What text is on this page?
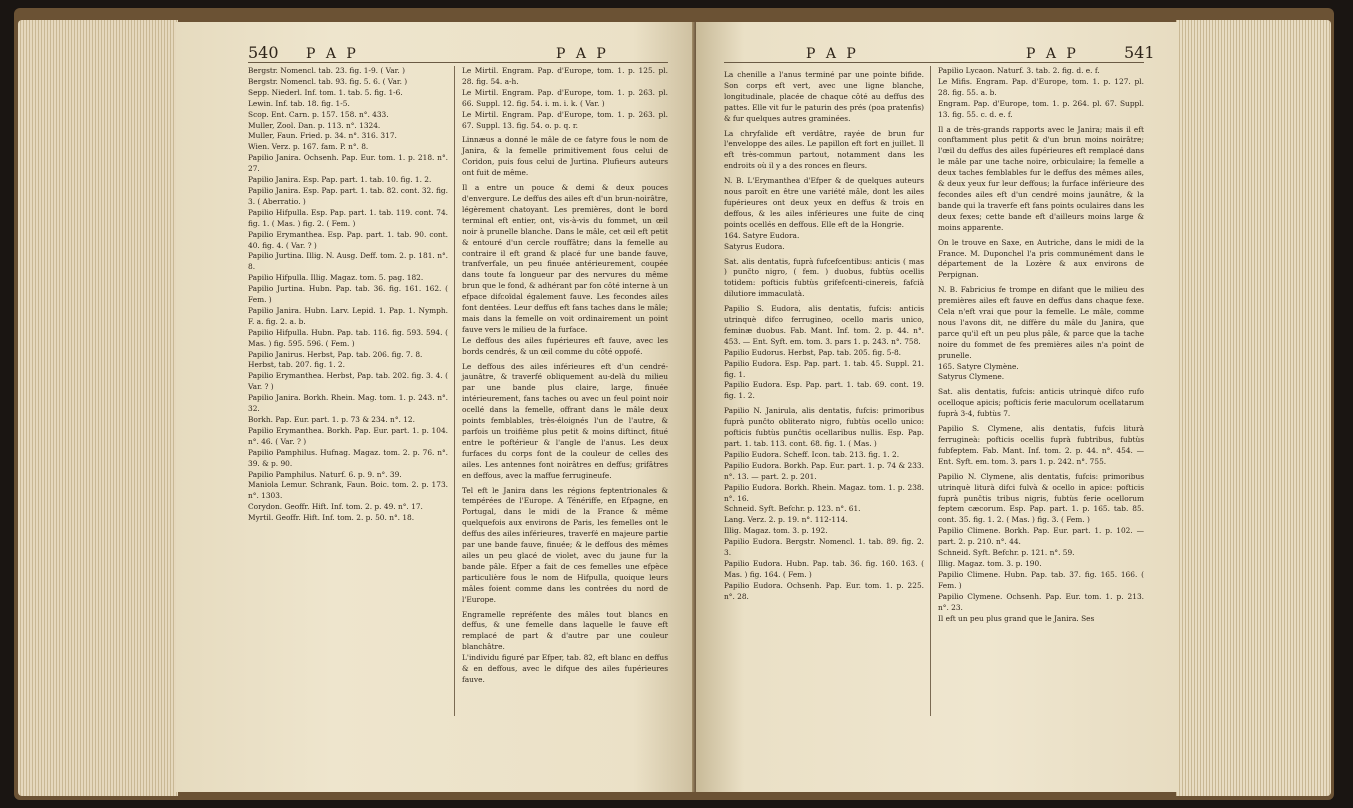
540 P A P	P A P

Bergstr. Nomencl. tab. 23. fig. 1-9. ( Var. )

Bergstr. Nomencl. tab. 93. fig. 5. 6. ( Var. )

Sepp. Niederl. Inf. tom. 1. tab. 5. fig. 1-6.

Lewin. Inf. tab. 18. fig. 1-5.

Scop. Ent. Carn. p. 157. 158. n°. 433.

Muller, Zool. Dan. p. 113. n°. 1324.

Muller, Faun. Fried. p. 34. n°. 316. 317.

Wien. Verz. p. 167. fam. P. n°. 8.

Papilio Janira. Ochsenh. Pap. Eur. tom. 1. p. 218. n°. 27.

Papilio Janira. Esp. Pap. part. 1. tab. 10. fig. 1. 2.

Papilio Janira. Esp. Pap. part. 1. tab. 82. cont. 32. fig. 3. ( Aberratio. )

Papilio Hifpulla. Esp. Pap. part. 1. tab. 119. cont. 74. fig. 1. ( Mas. ) fig. 2. ( Fem. )

Papilio Erymanthea. Esp. Pap. part. 1. tab. 90. cont. 40. fig. 4. ( Var. ? )

Papilio Jurtina. Illig. N. Ausg. Deff. tom. 2. p. 181. n°. 8.

Papilio Hifpulla. Illig. Magaz. tom. 5. pag. 182.

Papilio Jurtina. Hubn. Pap. tab. 36. fig. 161. 162. ( Fem. )

Papilio Janira. Hubn. Larv. Lepid. 1. Pap. 1. Nymph. F. a. fig. 2. a. b.

Papilio Hifpulla. Hubn. Pap. tab. 116. fig. 593. 594. ( Mas. ) fig. 595. 596. ( Fem. )

Papilio Janirus. Herbst, Pap. tab. 206. fig. 7. 8.

Herbst, tab. 207. fig. 1. 2.

Papilio Erymanthea. Herbst, Pap. tab. 202. fig. 3. 4. ( Var. ? )

Papilio Janira. Borkh. Rhein. Mag. tom. 1. p. 243. n°. 32.

Borkh. Pap. Eur. part. 1. p. 73 & 234. n°. 12.

Papilio Erymanthea. Borkh. Pap. Eur. part. 1. p. 104. n°. 46. ( Var. ? )

Papilio Pamphilus. Hufnag. Magaz. tom. 2. p. 76. n°. 39. & p. 90.

Papilio Pamphilus. Naturf. 6. p. 9. n°. 39.

Maniola Lemur. Schrank, Faun. Boic. tom. 2. p. 173. n°. 1303.

Corydon. Geoffr. Hift. Inf. tom. 2. p. 49. n°. 17.

Myrtil. Geoffr. Hift. Inf. tom. 2. p. 50. n°. 18.

Le Mirtil. Engram. Pap. d'Europe, tom. 1. p. 125. pl. 28. fig. 54. a-h.

Le Mirtil. Engram. Pap. d'Europe, tom. 1. p. 263. pl. 66. Suppl. 12. fig. 54. i. m. i. k. ( Var. )

Le Mirtil. Engram. Pap. d'Europe, tom. 1. p. 263. pl. 67. Suppl. 13. fig. 54. o. p. q. r.

Linnæus a donné le mâle de ce fatyre fous le nom de Janira, & la femelle primitivement fous celui de Coridon, puis fous celui de Jurtina. Plufieurs auteurs ont fuit de même.

Il a entre un pouce & demi & deux pouces d'envergure. Le deffus des ailes eft d'un brun-noirâtre, légèrement chatoyant. Les premières, dont le bord terminal eft entier, ont, vis-à-vis du fommet, un œil noir à prunelle blanche. Dans le mâle, cet œil eft petit & entouré d'un cercle rouffâtre; dans la femelle au contraire il eft grand & placé fur une bande fauve, tranfverfale, un peu finuée antérieurement, coupée dans toute fa longueur par des nervures du même brun que le fond, & adhérant par fon côté interne à un efpace difcoïdal également fauve. Les fecondes ailes font dentées. Leur deffus eft fans taches dans le mâle; mais dans la femelle on voit ordinairement un point fauve vers le milieu de la furface.

Le deffous des ailes fupérieures eft fauve, avec les bords cendrés, & un œil comme du côté oppofé.

Le deffous des ailes inférieures eft d'un cendré-jaunâtre, & traverfé obliquement au-delà du milieu par une bande plus claire, large, finuée intérieurement, fans taches ou avec un feul point noir ocellé dans la femelle, offrant dans le mâle deux points femblables, très-éloignés l'un de l'autre, & parfois un troifième plus petit & moins diftinct, fitué entre le poftérieur & l'angle de l'anus. Les deux furfaces du corps font de la couleur de celles des ailes. Les antennes font noirâtres en deffus; grifâtres en deffous, avec la maffue ferrugineufe.

Tel eft le Janira dans les régions feptentrionales & tempérées de l'Europe. A Ténériffe, en Efpagne, en Portugal, dans le midi de la France & même quelquefois aux environs de Paris, les femelles ont le deffus des ailes inférieures, traverfé en majeure partie par une bande fauve, finuée; & le deffous des mêmes ailes un peu glacé de violet, avec du jaune fur la bande pâle. Efper a fait de ces femelles une efpèce particulière fous le nom de Hifpulla, quoique leurs mâles foient comme dans les contrées du nord de l'Europe.

Engramelle repréfente des mâles tout blancs en deffus, & une femelle dans laquelle le fauve eft remplacé de part & d'autre par une couleur blanchâtre.

L'individu figuré par Efper, tab. 82, eft blanc en deffus & en deffous, avec le difque des ailes fupérieures fauve.

P A P	P A P	541

La chenille a l'anus terminé par une pointe bifide. Son corps eft vert, avec une ligne blanche, longitudinale, placée de chaque côté au deffus des pattes. Elle vit fur le paturin des prés (poa pratenfis) & fur quelques autres graminées.

La chryfalide eft verdâtre, rayée de brun fur l'enveloppe des ailes. Le papillon eft fort en juillet. Il eft très-commun partout, notamment dans les endroits où il y a des ronces en fleurs.

N. B. L'Erymanthea d'Efper & de quelques auteurs nous paroît en être une variété mâle, dont les ailes fupérieures ont deux yeux en deffus & trois en deffous, & les ailes inférieures une fuite de cinq points ocellés en deffous. Elle eft de la Hongrie.

164. Satyre Eudora.

Satyrus Eudora.

Sat. alis dentatis, fuprà fufcefcentibus: anticis ( mas ) punčto nigro, ( fem. ) duobus, fubtùs ocellis totidem: pofticis fubtùs grifefcenti-cinereis, fafcià dilutiore immaculatà.

Papilio S. Eudora, alis dentatis, fufcis: anticis utrinquè difco ferrugineo, ocello maris unico, feminæ duobus. Fab. Mant. Inf. tom. 2. p. 44. n°. 453. — Ent. Syft. em. tom. 3. pars 1. p. 243. n°. 758.

Papilio Eudorus. Herbst, Pap. tab. 205. fig. 5-8.

Papilio Eudora. Esp. Pap. part. 1. tab. 45. Suppl. 21. fig. 1.

Papilio Eudora. Esp. Pap. part. 1. tab. 69. cont. 19. fig. 1. 2.

Papilio N. Janirula, alis dentatis, fufcis: primoribus fuprà punčto obliterato nigro, fubtùs ocello unico: pofticis fubtùs punčtis ocellaribus nullis. Esp. Pap. part. 1. tab. 113. cont. 68. fig. 1. ( Mas. )

Papilio Eudora. Scheff. Icon. tab. 213. fig. 1. 2.

Papilio Eudora. Borkh. Pap. Eur. part. 1. p. 74 & 233. n°. 13. — part. 2. p. 201.

Papilio Eudora. Borkh. Rhein. Magaz. tom. 1. p. 238. n°. 16.

Schneid. Syft. Befchr. p. 123. n°. 61.

Lang. Verz. 2. p. 19. n°. 112-114.

Illig. Magaz. tom. 3. p. 192.

Papilio Eudora. Bergstr. Nomencl. 1. tab. 89. fig. 2. 3.

Papilio Eudora. Hubn. Pap. tab. 36. fig. 160. 163. ( Mas. ) fig. 164. ( Fem. )

Papilio Eudora. Ochsenh. Pap. Eur. tom. 1. p. 225. n°. 28.

Papilio Lycaon. Naturf. 3. tab. 2. fig. d. e. f.

Le Mifis. Engram. Pap. d'Europe, tom. 1. p. 127. pl. 28. fig. 55. a. b.

Engram. Pap. d'Europe, tom. 1. p. 264. pl. 67. Suppl. 13. fig. 55. c. d. e. f.

Il a de très-grands rapports avec le Janira; mais il eft conftamment plus petit & d'un brun moins noirâtre; l'œil du deffus des ailes fupérieures eft remplacé dans le mâle par une tache noire, orbiculaire; la femelle a deux taches femblables fur le deffus des mêmes ailes, & deux yeux fur leur deffous; la furface inférieure des fecondes ailes eft d'un cendré moins jaunâtre, & la bande qui la traverfe eft fans points oculaires dans les deux fexes; cette bande eft d'ailleurs moins large & moins apparente.

On le trouve en Saxe, en Autriche, dans le midi de la France. M. Duponchel l'a pris communément dans le département de la Lozère & aux environs de Perpignan.

N. B. Fabricius fe trompe en difant que le milieu des premières ailes eft fauve en deffus dans chaque fexe. Cela n'eft vrai que pour la femelle. Le mâle, comme nous l'avons dit, ne diffère du mâle du Janira, que parce qu'il eft un peu plus pâle, & parce que la tache noire du fommet de fes premières ailes n'a point de prunelle.

165. Satyre Clymène.

Satyrus Clymene.

Sat. alis dentatis, fufcis: anticis utrinquè difco rufo ocelloque apicis; pofticis ferie maculorum ocellatarum fuprà 3-4, fubtùs 7.

Papilio S. Clymene, alis dentatis, fufcis liturà ferrugineà: pofticis ocellis fuprà fubtribus, fubtùs fubfeptem. Fab. Mant. Inf. tom. 2. p. 44. n°. 454. — Ent. Syft. em. tom. 3. pars 1. p. 242. n°. 755.

Papilio N. Clymene, alis dentatis, fufcis: primoribus utrinquè liturà difci fulvà & ocello in apice: pofticis fuprà punčtis tribus nigris, fubtùs ferie ocellorum feptem cæcorum. Esp. Pap. part. 1. p. 165. tab. 85. cont. 35. fig. 1. 2. ( Mas. ) fig. 3. ( Fem. )

Papilio Climene. Borkh. Pap. Eur. part. 1. p. 102. — part. 2. p. 210. n°. 44.

Schneid. Syft. Befchr. p. 121. n°. 59.

Illig. Magaz. tom. 3. p. 190.

Papilio Climene. Hubn. Pap. tab. 37. fig. 165. 166. ( Fem. )

Papilio Clymene. Ochsenh. Pap. Eur. tom. 1. p. 213. n°. 23.

Il eft un peu plus grand que le Janira. Ses
